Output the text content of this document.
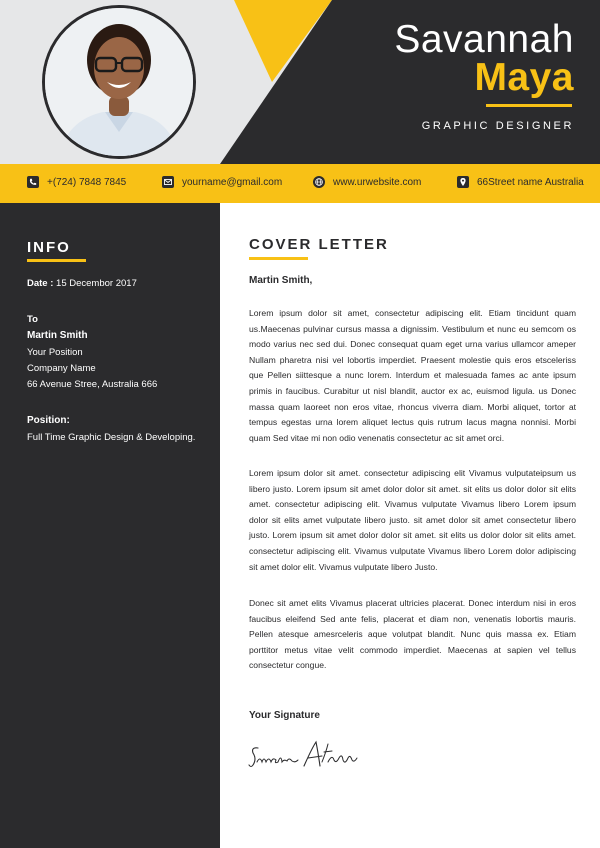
Savannah
Maya
GRAPHIC DESIGNER
+(724) 7848 7845	yourname@gmail.com	www.urwebsite.com	66Street name Australia
INFO
Date : 15 Decembor 2017
To
Martin Smith
Your Position
Company Name
66 Avenue Stree, Australia 666
Position:
Full Time Graphic Design & Developing.
COVER LETTER
Martin Smith,
Lorem ipsum dolor sit amet, consectetur adipiscing elit. Etiam tincidunt quam us.Maecenas pulvinar cursus massa a dignissim. Vestibulum et nunc eu semcom os modo varius nec sed dui. Donec consequat quam eget urna varius ullamcor ameper Nullam pharetra nisi vel lobortis imperdiet. Praesent molestie quis eros etsceleriss que Pellen siittesque a nunc lorem. Interdum et malesuada fames ac ante ipsum primis in faucibus. Curabitur ut nisl blandit, auctor ex ac, euismod ligula. us Donec massa quam laoreet non eros vitae, rhoncus viverra diam. Morbi aliquet, tortor at tempus egestas urna lorem aliquet lectus quis rutrum lacus magna nonnisi. Morbi quam Sed vitae mi non odio venenatis consectetur ac sit amet orci.
Lorem ipsum dolor sit amet. consectetur adipiscing elit Vivamus vulputateipsum us libero justo. Lorem ipsum sit amet dolor dolor sit amet. sit elits us dolor dolor sit elits amet. consectetur adipiscing elit. Vivamus vulputate Vivamus libero Lorem ipsum dolor sit elits amet vulputate libero justo. sit amet dolor sit amet consectetur libero justo. Lorem ipsum sit amet dolor dolor sit amet. sit elits us dolor dolor sit elits amet. consectetur adipiscing elit. Vivamus vulputate Vivamus libero Lorem dolor adipiscing sit amet dolor elit. Vivamus vulputate libero Justo.
Donec sit amet elits Vivamus placerat ultricies placerat. Donec interdum nisi in eros faucibus eleifend Sed ante felis, placerat et diam non, venenatis lobortis mauris. Pellen atesque amesrceleris aque volutpat blandit. Nunc quis massa ex. Etiam porttitor metus vitae velit commodo imperdiet. Maecenas at sapien vel tellus consectetur congue.
Your Signature
